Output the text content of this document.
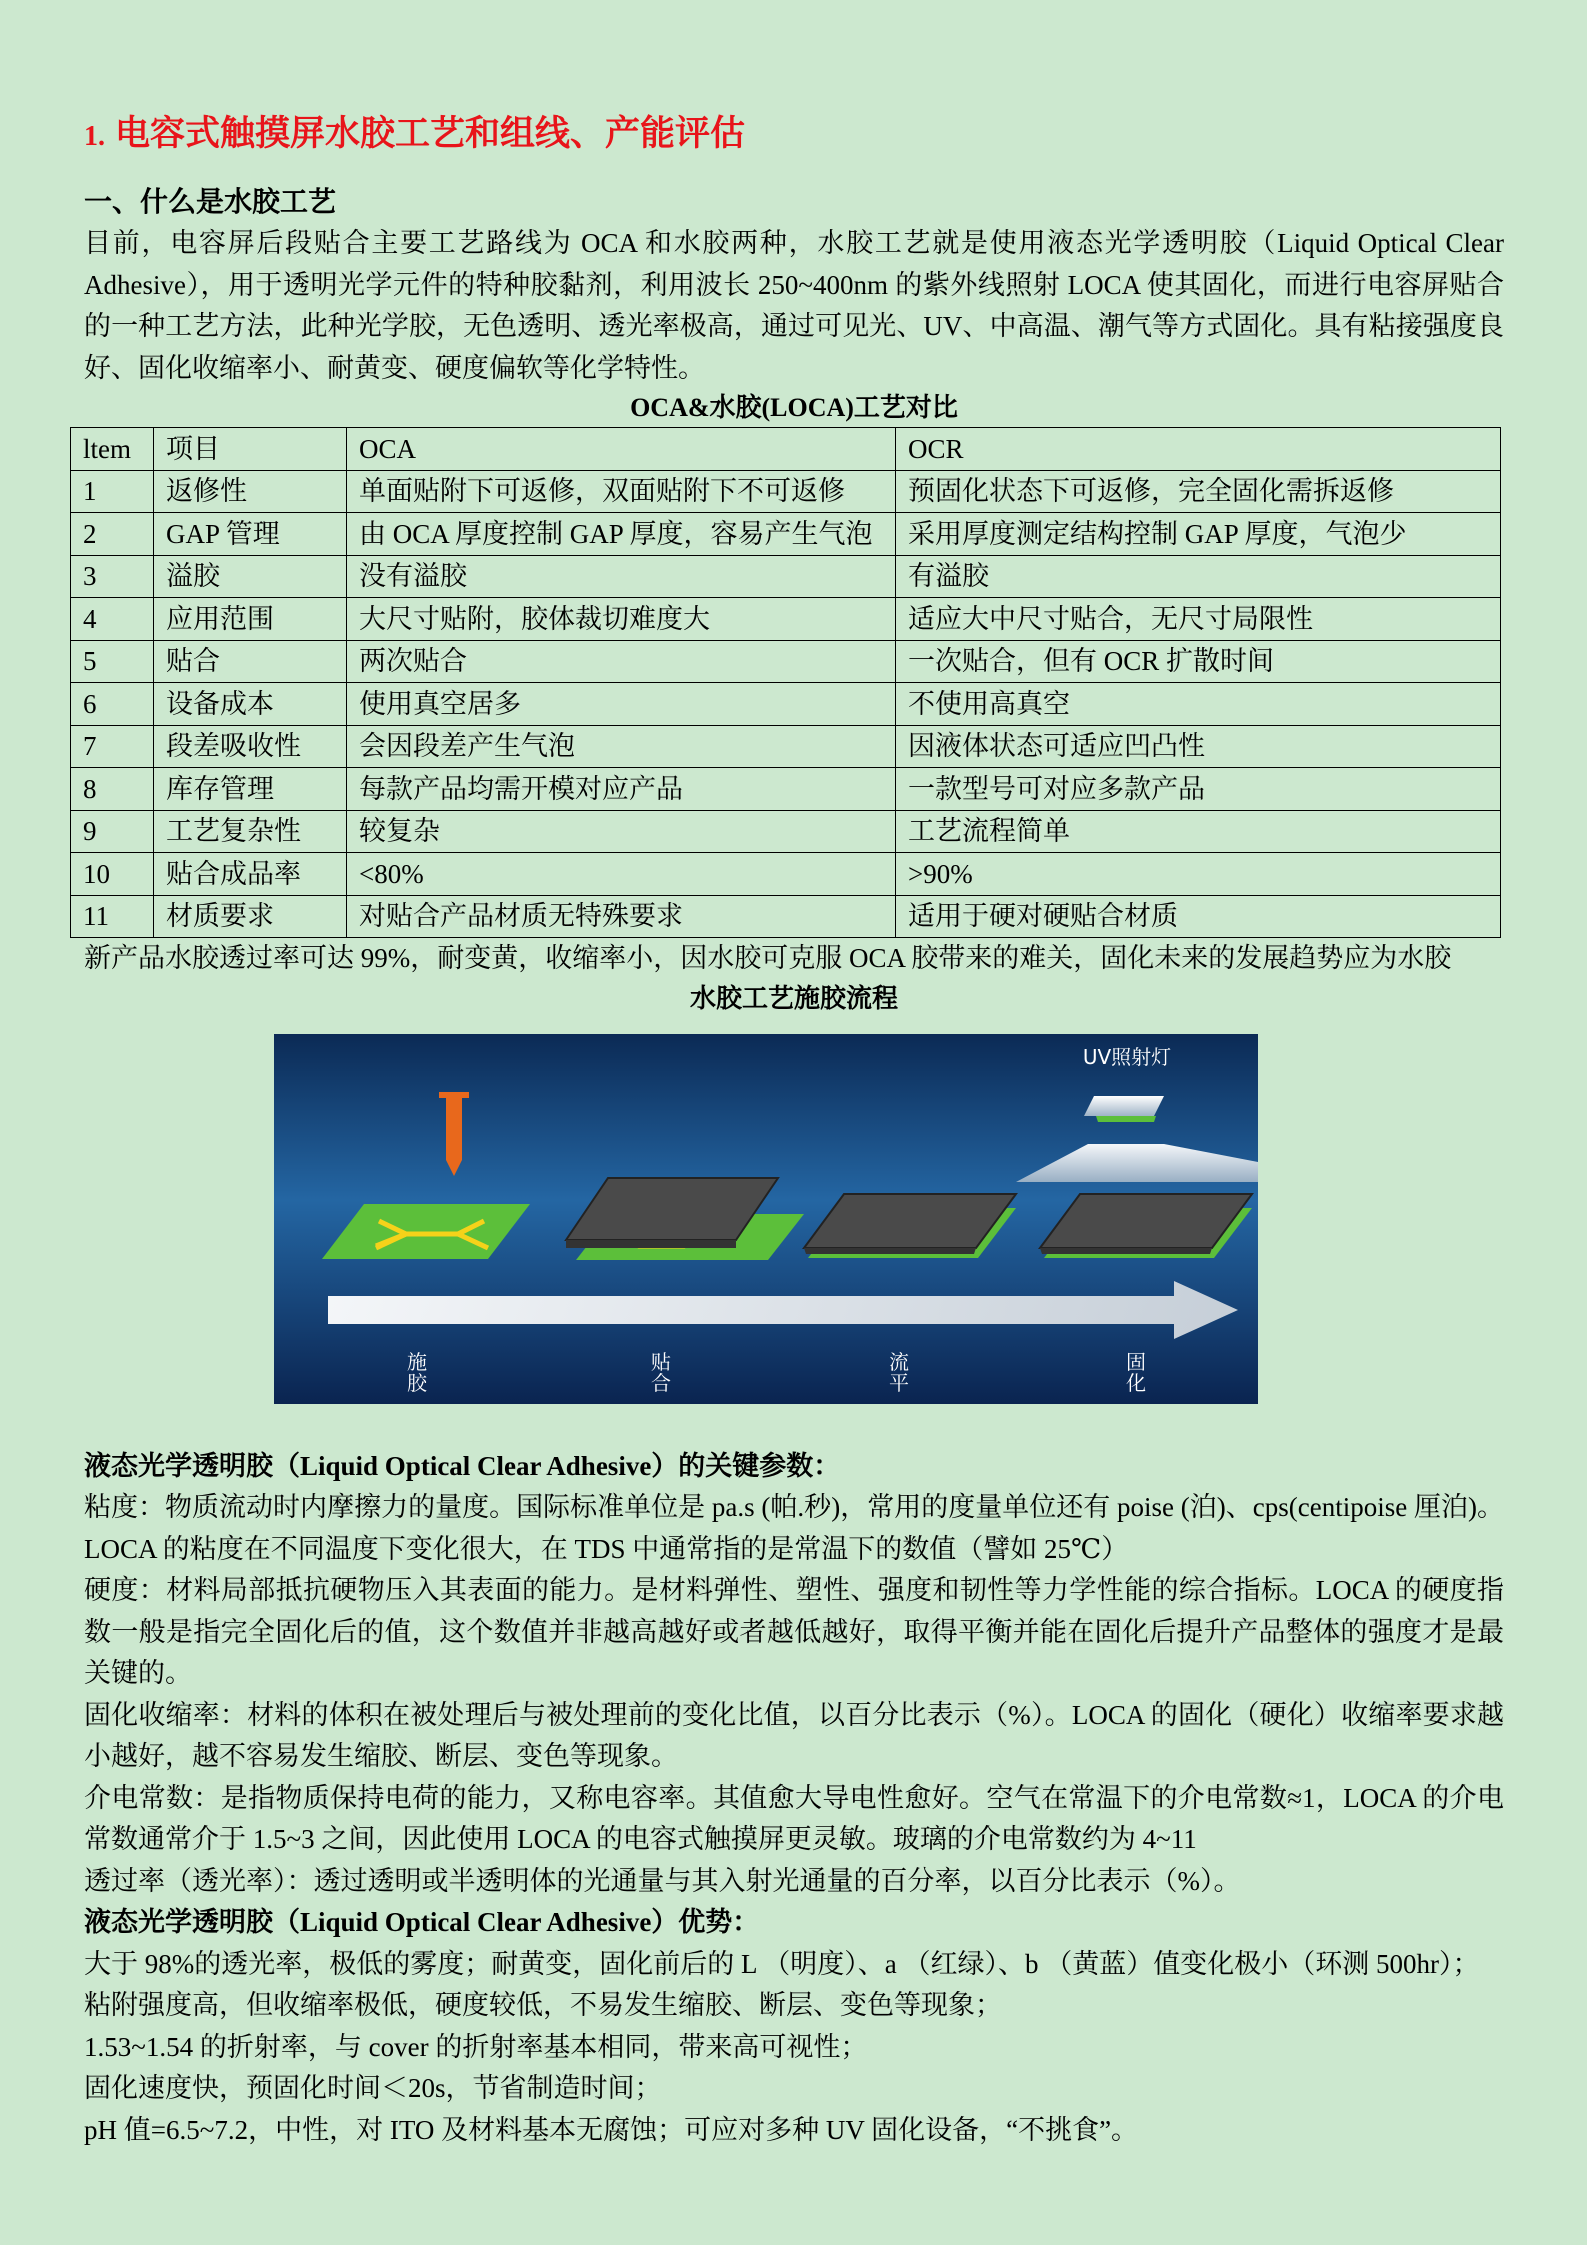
1. 电容式触摸屏水胶工艺和组线、产能评估
一、什么是水胶工艺
目前，电容屏后段贴合主要工艺路线为 OCA 和水胶两种，水胶工艺就是使用液态光学透明胶（Liquid Optical Clear Adhesive），用于透明光学元件的特种胶黏剂，利用波长 250~400nm 的紫外线照射 LOCA 使其固化，而进行电容屏贴合的一种工艺方法，此种光学胶，无色透明、透光率极高，通过可见光、UV、中高温、潮气等方式固化。具有粘接强度良好、固化收缩率小、耐黄变、硬度偏软等化学特性。
OCA&水胶(LOCA)工艺对比
ltem	项目	OCA	OCR
1	返修性	单面贴附下可返修，双面贴附下不可返修	预固化状态下可返修，完全固化需拆返修
2	GAP 管理	由 OCA 厚度控制 GAP 厚度，容易产生气泡	采用厚度测定结构控制 GAP 厚度，气泡少
3	溢胶	没有溢胶	有溢胶
4	应用范围	大尺寸贴附，胶体裁切难度大	适应大中尺寸贴合，无尺寸局限性
5	贴合	两次贴合	一次贴合，但有 OCR 扩散时间
6	设备成本	使用真空居多	不使用高真空
7	段差吸收性	会因段差产生气泡	因液体状态可适应凹凸性
8	库存管理	每款产品均需开模对应产品	一款型号可对应多款产品
9	工艺复杂性	较复杂	工艺流程简单
10	贴合成品率	<80%	>90%
11	材质要求	对贴合产品材质无特殊要求	适用于硬对硬贴合材质
新产品水胶透过率可达 99%，耐变黄，收缩率小，因水胶可克服 OCA 胶带来的难关，固化未来的发展趋势应为水胶
水胶工艺施胶流程
UV照射灯
施
胶
贴
合
流
平
固
化
液态光学透明胶（Liquid Optical Clear Adhesive）的关键参数：
粘度：物质流动时内摩擦力的量度。国际标准单位是 pa.s (帕.秒)，常用的度量单位还有 poise (泊)、cps(centipoise 厘泊)。LOCA 的粘度在不同温度下变化很大，在 TDS 中通常指的是常温下的数值（譬如 25℃）
硬度：材料局部抵抗硬物压入其表面的能力。是材料弹性、塑性、强度和韧性等力学性能的综合指标。LOCA 的硬度指数一般是指完全固化后的值，这个数值并非越高越好或者越低越好，取得平衡并能在固化后提升产品整体的强度才是最关键的。
固化收缩率：材料的体积在被处理后与被处理前的变化比值，以百分比表示（%）。LOCA 的固化（硬化）收缩率要求越小越好，越不容易发生缩胶、断层、变色等现象。
介电常数：是指物质保持电荷的能力，又称电容率。其值愈大导电性愈好。空气在常温下的介电常数≈1，LOCA 的介电常数通常介于 1.5~3 之间，因此使用 LOCA 的电容式触摸屏更灵敏。玻璃的介电常数约为 4~11
透过率（透光率）：透过透明或半透明体的光通量与其入射光通量的百分率，以百分比表示（%）。
液态光学透明胶（Liquid Optical Clear Adhesive）优势：
大于 98%的透光率，极低的雾度；耐黄变，固化前后的 L （明度）、a （红绿）、b （黄蓝）值变化极小（环测 500hr）；
粘附强度高，但收缩率极低，硬度较低，不易发生缩胶、断层、变色等现象；
1.53~1.54 的折射率，与 cover 的折射率基本相同，带来高可视性；
固化速度快，预固化时间＜20s，节省制造时间；
pH 值=6.5~7.2，中性，对 ITO 及材料基本无腐蚀；可应对多种 UV 固化设备，“不挑食”。
